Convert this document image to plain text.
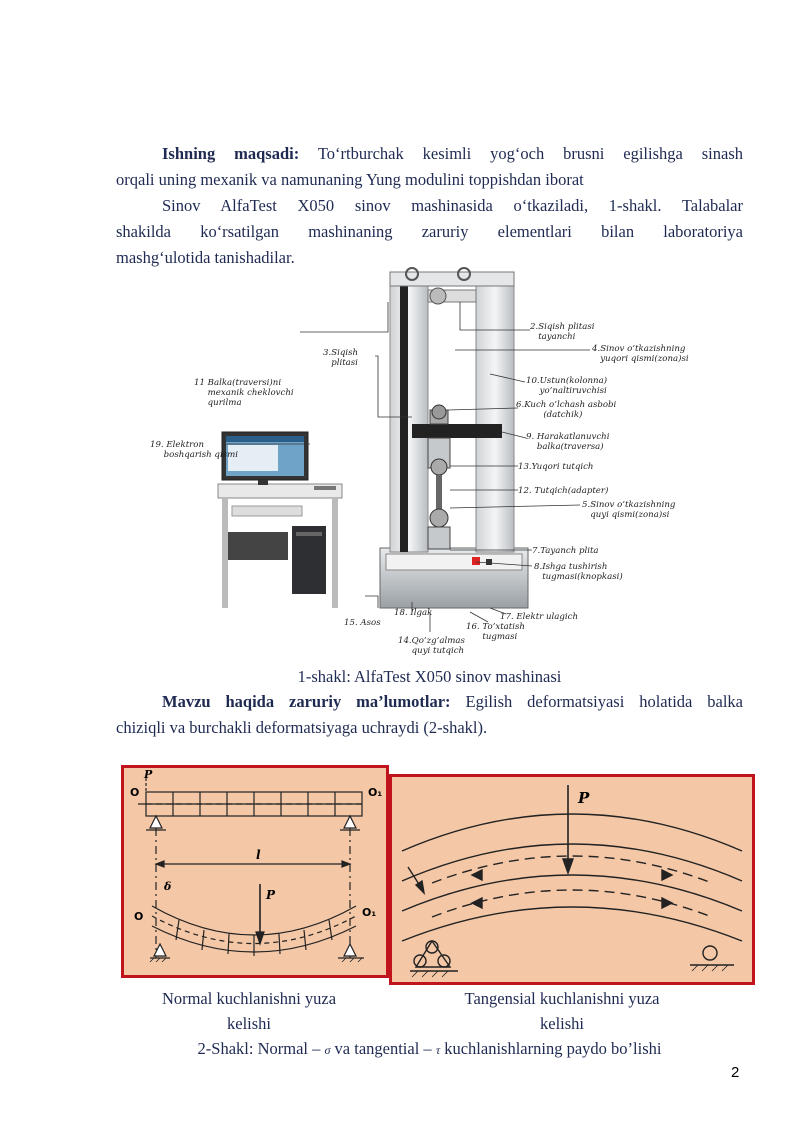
Ishning maqsadi: To‘rtburchak kesimli yog‘och brusni egilishga sinash
orqali uning mexanik va namunaning Yung modulini toppishdan iborat
Sinov AlfaTest X050 sinov mashinasida o‘tkaziladi, 1-shakl. Talabalar
shakilda ko‘rsatilgan mashinaning zaruriy elementlari bilan laboratoriya
mashg‘ulotida tanishadilar.
2.Siqish plitasi
tayanchi
3.Siqish
plitasi
4.Sinov o’tkazishning
yuqori qismi(zona)si
10.Ustun(kolonna)
yo’naltiruvchisi
11 Balka(traversi)ni
mexanik cheklovchi
qurilma	6.Kuch o’lchash asbobi
(datchik)
19. Elektron
boshqarish qismi
9. Harakatlanuvchi
balka(traversa)
13.Yuqori tutqich
12. Tutqich(adapter)
5.Sinov o’tkazishning
quyi qismi(zona)si
7.Tayanch plita
8.Ishga tushirish
tugmasi(knopkasi)
18. Ilgak	17. Elektr ulagich
15. Asos	16. To’xtatish
tugmasi
14.Qo’zg’almas
quyi tutqich
1-shakl: AlfaTest X050 sinov mashinasi
Mavzu haqida zaruriy ma’lumotlar: Egilish deformatsiyasi holatida balka
chiziqli va burchakli deformatsiyaga uchraydi (2-shakl).
O	O₁
P
l
P
δ
O	O₁
P
Normal kuchlanishni yuza
kelishi
Tangensial kuchlanishni yuza
kelishi
2-Shakl: Normal – σ va tangential – τ kuchlanishlarning paydo bo’lishi
2
